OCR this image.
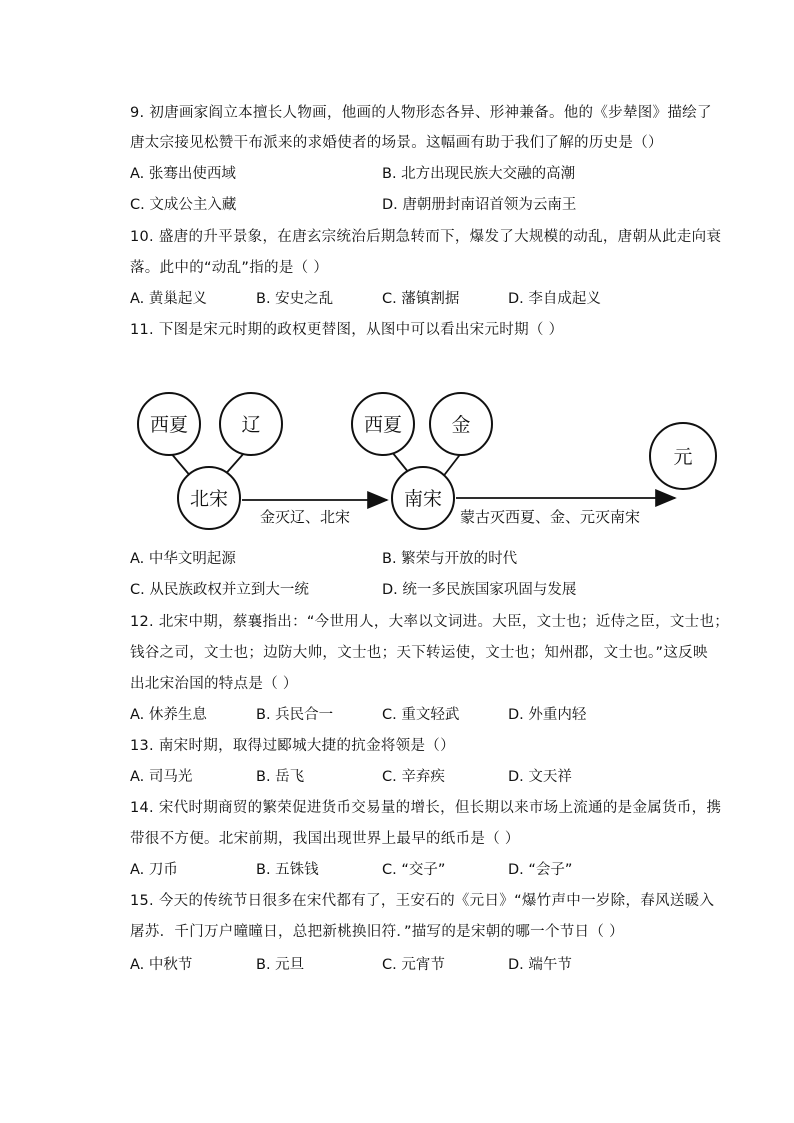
9. 初唐画家阎立本擅长人物画，他画的人物形态各异、形神兼备。他的《步辇图》描绘了
唐太宗接见松赞干布派来的求婚使者的场景。这幅画有助于我们了解的历史是（）
A. 张骞出使西域	B. 北方出现民族大交融的高潮
C. 文成公主入藏	D. 唐朝册封南诏首领为云南王
10. 盛唐的升平景象，在唐玄宗统治后期急转而下，爆发了大规模的动乱，唐朝从此走向衰
落。此中的“动乱”指的是（ ）
A. 黄巢起义	B. 安史之乱	C. 藩镇割据	D. 李自成起义
11. 下图是宋元时期的政权更替图，从图中可以看出宋元时期（ ）
西夏	辽
北宋
西夏	金
南宋
元
金灭辽、北宋	蒙古灭西夏、金、元灭南宋
A. 中华文明起源	B. 繁荣与开放的时代
C. 从民族政权并立到大一统	D. 统一多民族国家巩固与发展
12. 北宋中期，蔡襄指出：“今世用人，大率以文词进。大臣，文士也；近侍之臣，文士也；
钱谷之司，文士也；边防大帅，文士也；天下转运使，文士也；知州郡，文士也。”这反映
出北宋治国的特点是（ ）
A. 休养生息	B. 兵民合一	C. 重文轻武	D. 外重内轻
13. 南宋时期，取得过郾城大捷的抗金将领是（）
A. 司马光	B. 岳飞	C. 辛弃疾	D. 文天祥
14. 宋代时期商贸的繁荣促进货币交易量的增长，但长期以来市场上流通的是金属货币，携
带很不方便。北宋前期，我国出现世界上最早的纸币是（ ）
A. 刀币	B. 五铢钱	C. “交子”	D. “会子”
15. 今天的传统节日很多在宋代都有了，王安石的《元日》“爆竹声中一岁除，春风送暖入
屠苏．千门万户曈曈日，总把新桃换旧符．”描写的是宋朝的哪一个节日（ ）
A. 中秋节	B. 元旦	C. 元宵节	D. 端午节
